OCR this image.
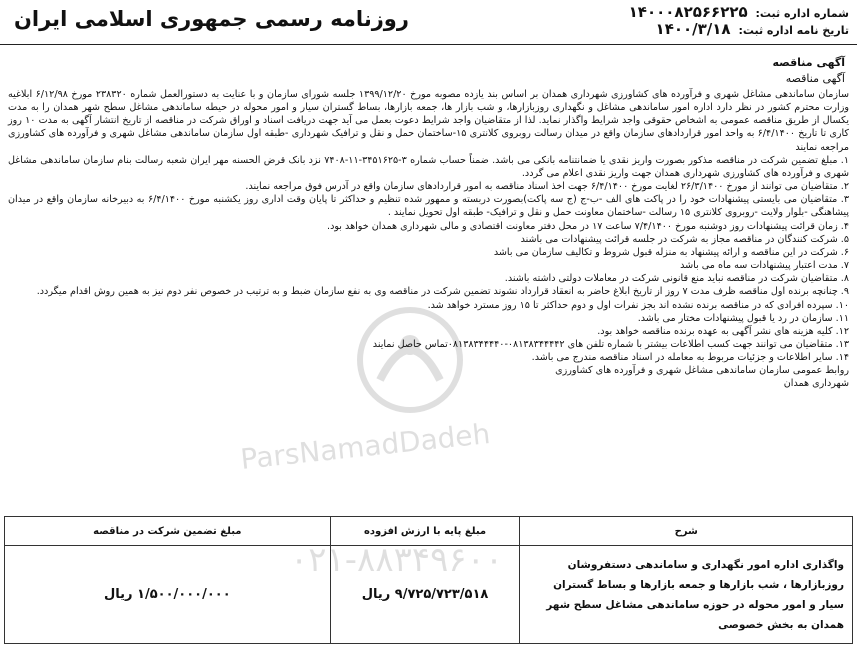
شماره اداره ثبت: ۱۴۰۰۰۸۲۵۶۶۲۲۵
تاریخ نامه اداره ثبت: ۱۴۰۰/۳/۱۸
روزنامه رسمی جمهوری اسلامی ایران
ParsNamadDadeh
۰۲۱-۸۸۳۴۹۶۰۰
آگهی مناقصه
آگهی مناقصه

سازمان ساماندهی مشاغل شهری و فرآورده های کشاورزی شهرداری همدان بر اساس بند یازده مصوبه مورخ ۱۳۹۹/۱۲/۲۰ جلسه شورای سازمان و با عنایت به دستورالعمل شماره ۲۳۸۳۲۰ مورخ ۶/۱۲/۹۸ ابلاغیه وزارت محترم کشور در نظر دارد اداره امور ساماندهی مشاغل و نگهداری روزبازارها، و شب بازار ها، جمعه بازارها، بساط گستران سیار و امور محوله در حیطه ساماندهی مشاغل سطح شهر همدان را به مدت یکسال از طریق مناقصه عمومی به اشخاص حقوقی واجد شرایط واگذار نماید. لذا از متقاضیان واجد شرایط دعوت بعمل می آید جهت دریافت اسناد و اوراق شرکت در مناقصه از تاریخ انتشار آگهی به مدت ۱۰ روز کاری تا تاریخ ۶/۴/۱۴۰۰ به واحد امور قراردادهای سازمان واقع در میدان رسالت روبروی کلانتری ۱۵-ساختمان حمل و نقل و ترافیک شهرداری -طبقه اول سازمان ساماندهی مشاغل شهری و فرآورده های کشاورزی مراجعه نمایند

۱. مبلغ تضمین شرکت در مناقصه مذکور بصورت واریز نقدی یا ضمانتنامه بانکی می باشد. ضمناً حساب شماره ۳-۳۴۵۱۶۲۵-۱۱-۷۴۰۸ نزد بانک قرض الحسنه مهر ایران شعبه رسالت بنام سازمان ساماندهی مشاغل شهری و فرآورده های کشاورزی شهرداری همدان جهت واریز نقدی اعلام می گردد.

۲. متقاضیان می توانند از مورخ ۲۶/۳/۱۴۰۰ لغایت مورخ ۶/۴/۱۴۰۰ جهت اخذ اسناد مناقصه به امور قراردادهای سازمان واقع در آدرس فوق مراجعه نمایند.

۳. متقاضیان می بایستی پیشنهادات خود را در پاکت های الف -ب-ج (ج سه پاکت)بصورت دربسته و ممهور شده تنظیم و حداکثر تا پایان وقت اداری روز یکشنبه مورخ ۶/۴/۱۴۰۰ به دبیرخانه سازمان واقع در میدان پیشاهنگی -بلوار ولایت -روبروی کلانتری ۱۵ رسالت -ساختمان معاونت حمل و نقل و ترافیک- طبقه اول تحویل نمایند .

۴. زمان قرائت پیشنهادات روز دوشنبه مورخ ۷/۴/۱۴۰۰ ساعت ۱۷ در محل دفتر معاونت اقتصادی و مالی شهرداری همدان خواهد بود.

۵. شرکت کنندگان در مناقصه مجاز به شرکت در جلسه قرائت پیشنهادات می باشند

۶. شرکت در این مناقصه و ارائه پیشنهاد به منزله قبول شروط و تکالیف سازمان می باشد

۷. مدت اعتبار پیشنهادات سه ماه می باشد

۸. متقاضیان شرکت در مناقصه نباید منع قانونی شرکت در معاملات دولتی داشته باشند.

۹. چنانچه برنده اول مناقصه ظرف مدت ۷ روز از تاریخ ابلاغ حاضر به انعقاد قرارداد نشوند تضمین شرکت در مناقصه وی به نفع سازمان ضبط و به ترتیب در خصوص نفر دوم نیز به همین روش اقدام میگردد.

۱۰. سپرده افرادی که در مناقصه برنده نشده اند بجز نفرات اول و دوم حداکثر تا ۱۵ روز مسترد خواهد شد.

۱۱. سازمان در رد یا قبول پیشنهادات مختار می باشد.

۱۲. کلیه هزینه های نشر آگهی به عهده برنده مناقصه خواهد بود.

۱۳. متقاضیان می توانند جهت کسب اطلاعات بیشتر با شماره تلفن های ۰۸۱۳۸۳۴۴۴۴۲-۰۸۱۳۸۳۴۴۴۴۰تماس حاصل نمایند

۱۴. سایر اطلاعات و جزئیات مربوط به معامله در اسناد مناقصه مندرج می باشد.

روابط عمومی سازمان ساماندهی مشاغل شهری و فرآورده های کشاورزی

شهرداری همدان

شرح	مبلغ پایه با ارزش افزوده	مبلغ تضمین شرکت در مناقصه
واگذاری اداره امور نگهداری و ساماندهی دستفروشان روزبازارها ، شب بازارها و جمعه بازارها و بساط گستران سیار و امور محوله در حوزه ساماندهی مشاغل سطح شهر همدان به بخش خصوصی	۹/۷۲۵/۷۲۳/۵۱۸ ریال	۱/۵۰۰/۰۰۰/۰۰۰ ریال
